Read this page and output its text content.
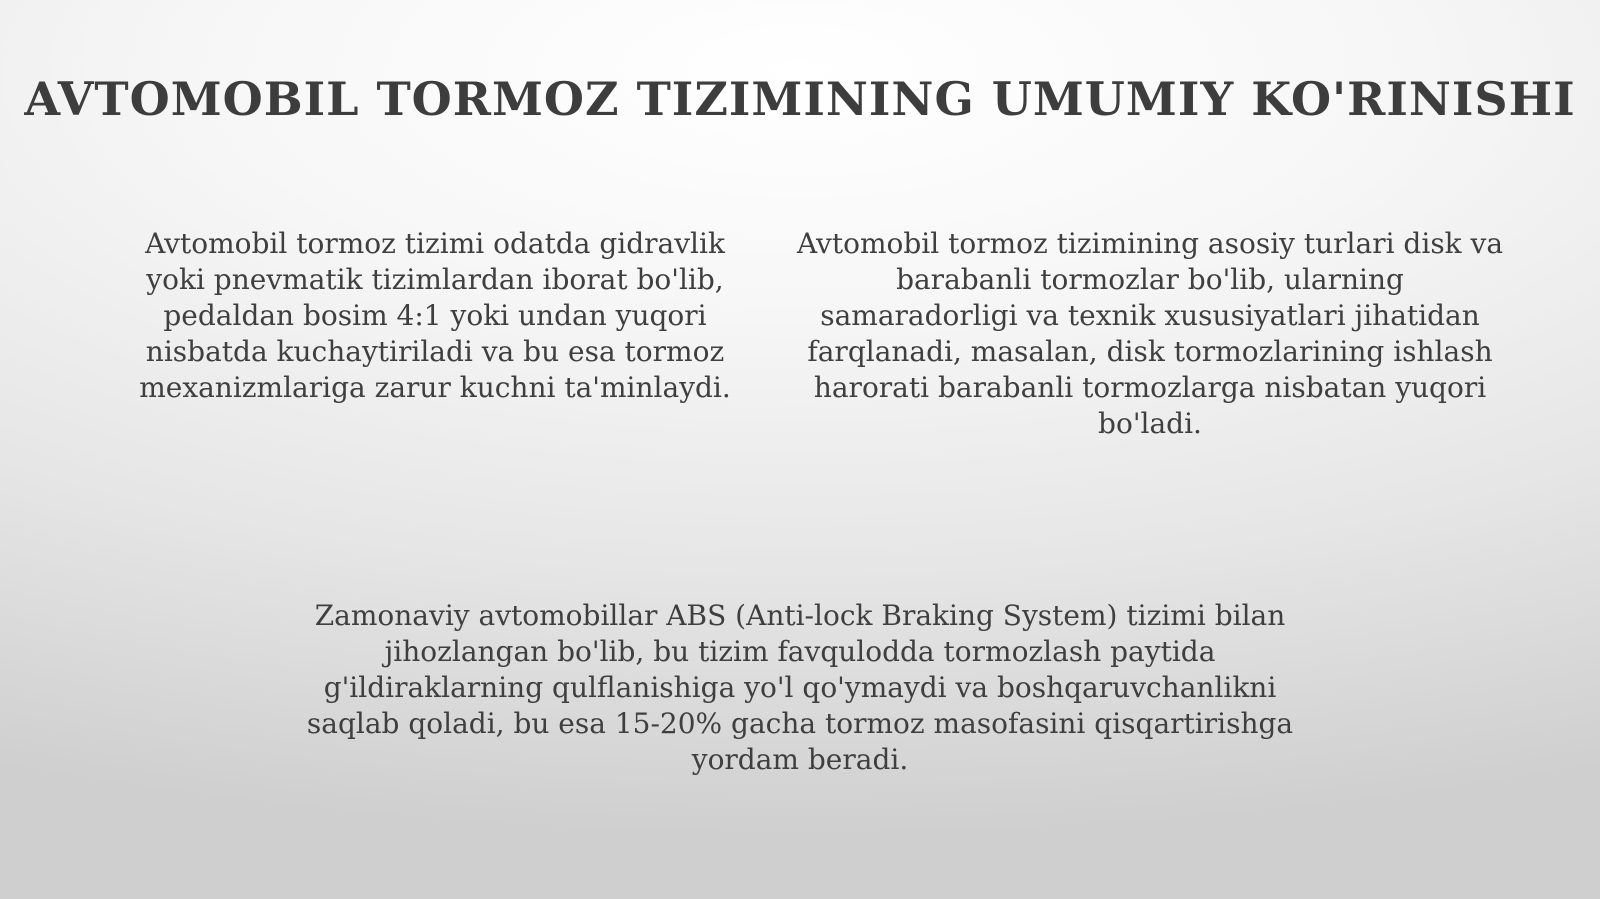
AVTOMOBIL TORMOZ TIZIMINING UMUMIY KO'RINISHI

Avtomobil tormoz tizimi odatda gidravlik yoki pnevmatik tizimlardan iborat bo'lib, pedaldan bosim 4:1 yoki undan yuqori nisbatda kuchaytiriladi va bu esa tormoz mexanizmlariga zarur kuchni ta'minlaydi.

Avtomobil tormoz tizimining asosiy turlari disk va barabanli tormozlar bo'lib, ularning samaradorligi va texnik xususiyatlari jihatidan farqlanadi, masalan, disk tormozlarining ishlash harorati barabanli tormozlarga nisbatan yuqori bo'ladi.

Zamonaviy avtomobillar ABS (Anti-lock Braking System) tizimi bilan jihozlangan bo'lib, bu tizim favqulodda tormozlash paytida g'ildiraklarning qulflanishiga yo'l qo'ymaydi va boshqaruvchanlikni saqlab qoladi, bu esa 15-20% gacha tormoz masofasini qisqartirishga yordam beradi.
